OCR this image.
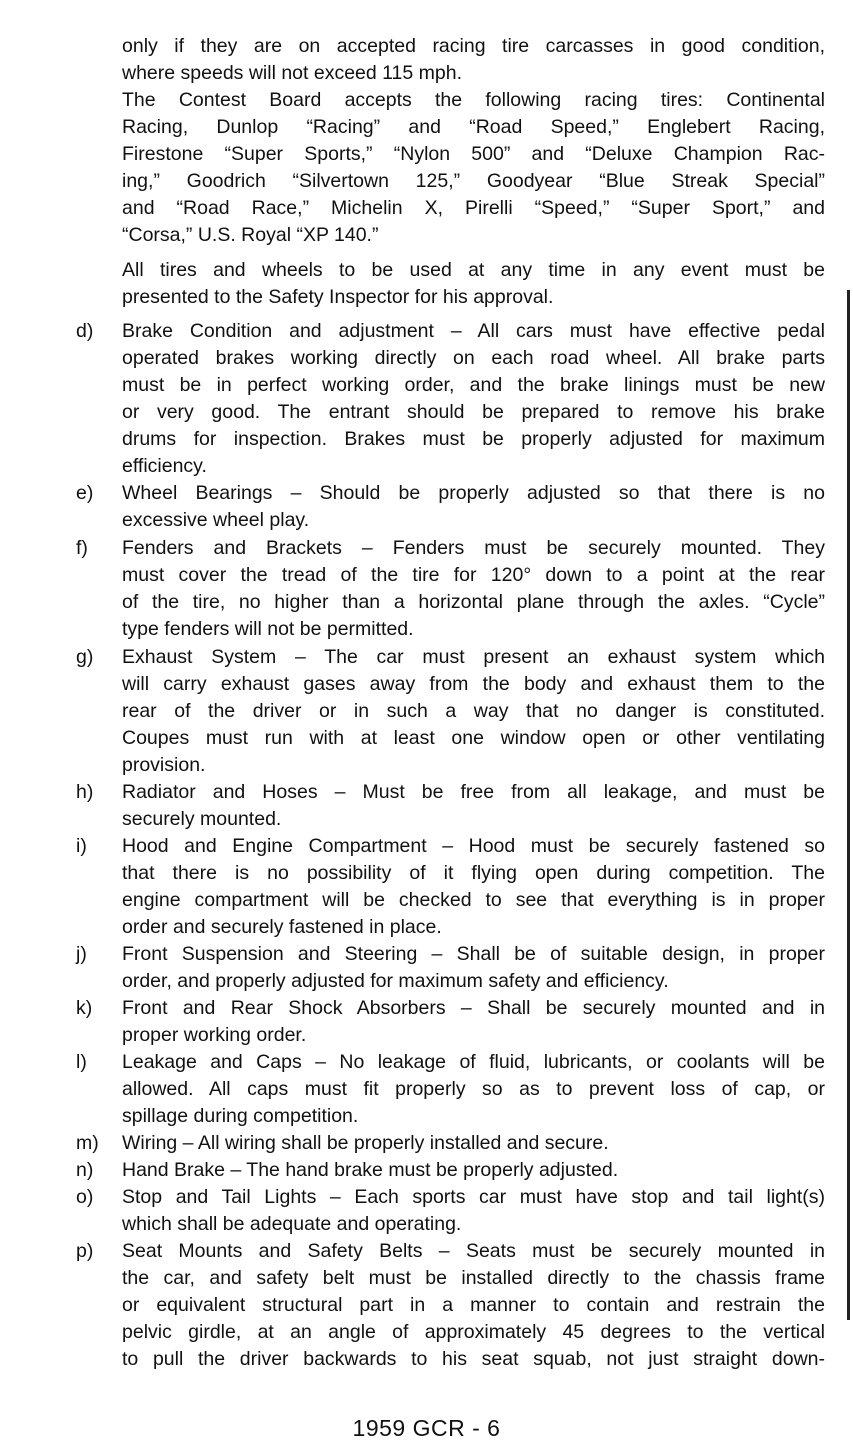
only if they are on accepted racing tire carcasses in good condition,
where speeds will not exceed 115 mph.
The Contest Board accepts the following racing tires: Continental
Racing, Dunlop “Racing” and “Road Speed,” Englebert Racing,
Firestone “Super Sports,” “Nylon 500” and “Deluxe Champion Rac-
ing,” Goodrich “Silvertown 125,” Goodyear “Blue Streak Special”
and “Road Race,” Michelin X, Pirelli “Speed,” “Super Sport,” and
“Corsa,” U.S. Royal “XP 140.”
All tires and wheels to be used at any time in any event must be
presented to the Safety Inspector for his approval.
d)	Brake Condition and adjustment – All cars must have effective pedal
operated brakes working directly on each road wheel. All brake parts
must be in perfect working order, and the brake linings must be new
or very good. The entrant should be prepared to remove his brake
drums for inspection. Brakes must be properly adjusted for maximum
efficiency.
e)	Wheel Bearings – Should be properly adjusted so that there is no
excessive wheel play.
f)	Fenders and Brackets – Fenders must be securely mounted. They
must cover the tread of the tire for 120° down to a point at the rear
of the tire, no higher than a horizontal plane through the axles. “Cycle”
type fenders will not be permitted.
g)	Exhaust System – The car must present an exhaust system which
will carry exhaust gases away from the body and exhaust them to the
rear of the driver or in such a way that no danger is constituted.
Coupes must run with at least one window open or other ventilating
provision.
h)	Radiator and Hoses – Must be free from all leakage, and must be
securely mounted.
i)	Hood and Engine Compartment – Hood must be securely fastened so
that there is no possibility of it flying open during competition. The
engine compartment will be checked to see that everything is in proper
order and securely fastened in place.
j)	Front Suspension and Steering – Shall be of suitable design, in proper
order, and properly adjusted for maximum safety and efficiency.
k)	Front and Rear Shock Absorbers – Shall be securely mounted and in
proper working order.
l)	Leakage and Caps – No leakage of fluid, lubricants, or coolants will be
allowed. All caps must fit properly so as to prevent loss of cap, or
spillage during competition.
m)	Wiring – All wiring shall be properly installed and secure.
n)	Hand Brake – The hand brake must be properly adjusted.
o)	Stop and Tail Lights – Each sports car must have stop and tail light(s)
which shall be adequate and operating.
p)	Seat Mounts and Safety Belts – Seats must be securely mounted in
the car, and safety belt must be installed directly to the chassis frame
or equivalent structural part in a manner to contain and restrain the
pelvic girdle, at an angle of approximately 45 degrees to the vertical
to pull the driver backwards to his seat squab, not just straight down-
1959 GCR - 6
